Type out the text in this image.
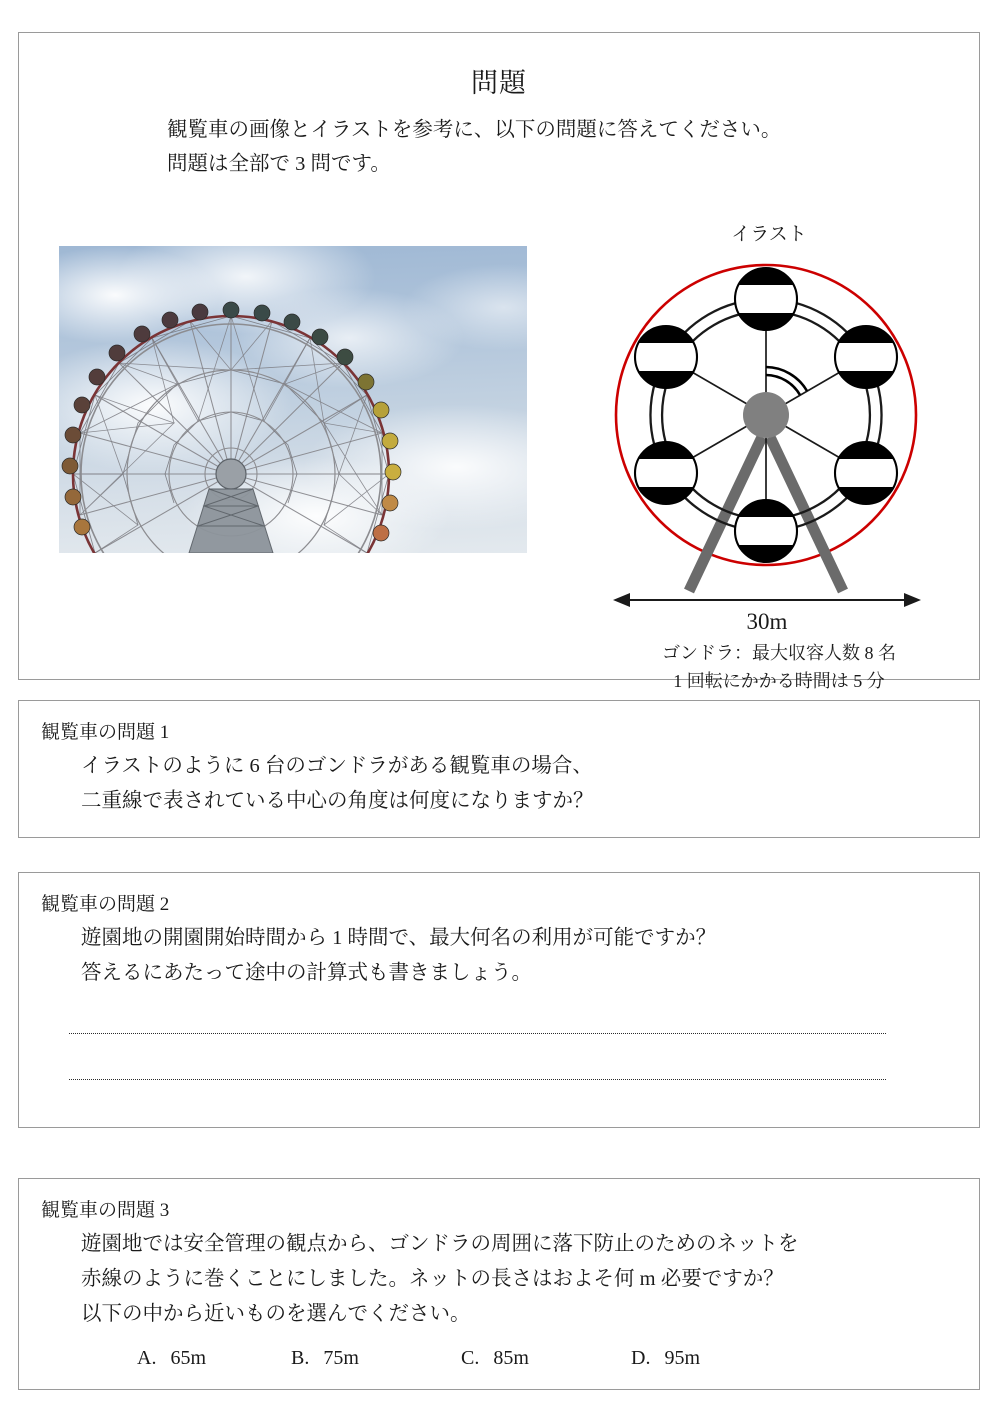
問題
観覧車の画像とイラストを参考に、以下の問題に答えてください。
問題は全部で 3 問です。
イラスト
30m
ゴンドラ：最大収容人数 8 名
1 回転にかかる時間は 5 分
観覧車の問題 1
イラストのように 6 台のゴンドラがある観覧車の場合、
二重線で表されている中心の角度は何度になりますか？
観覧車の問題 2
遊園地の開園開始時間から 1 時間で、最大何名の利用が可能ですか？
答えるにあたって途中の計算式も書きましょう。
観覧車の問題 3
遊園地では安全管理の観点から、ゴンドラの周囲に落下防止のためのネットを
赤線のように巻くことにしました。ネットの長さはおよそ何 m 必要ですか？
以下の中から近いものを選んでください。
A. 65m	B. 75m	C. 85m	D. 95m
